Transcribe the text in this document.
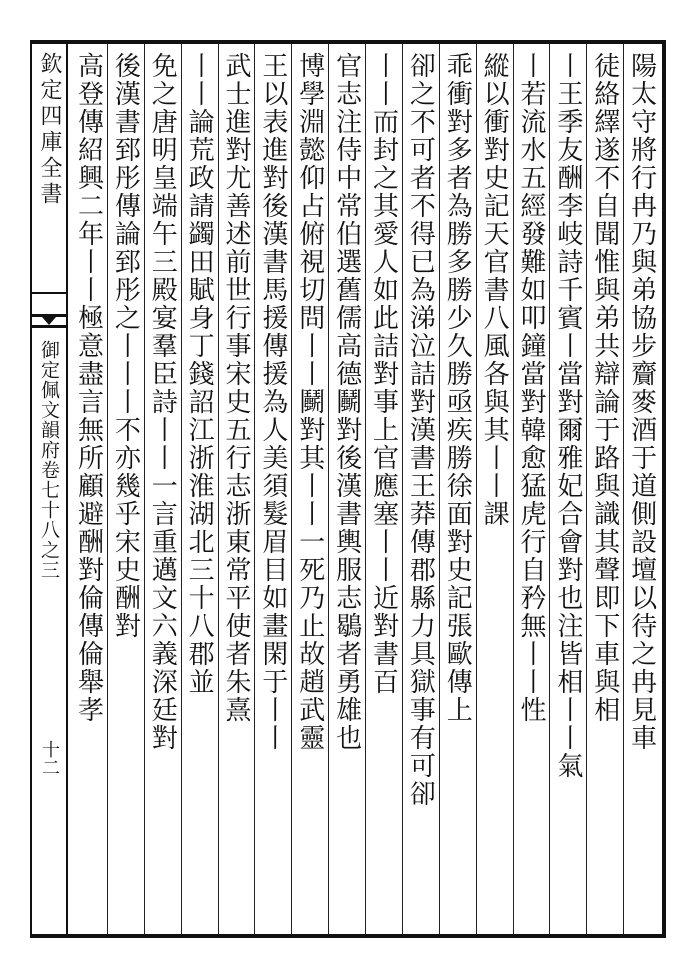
欽定四庫全書
御定佩文韻府卷七十八之三
十二
陽太守將行冉乃與弟協步齎麥酒于道側設壇以待之冉見車
徒絡繹遂不自聞惟與弟共辯論于路與識其聲即下車與相
丨王季友酬李岐詩千賓丨當對爾雅妃合會對也注皆相丨丨氣
丨若流水五經發難如叩鐘當對韓愈猛虎行自矜無丨丨性
縱以衝對史記天官書八風各與其丨丨課
乖衝對多者為勝多勝少久勝亟疾勝徐面對史記張歐傳上
卻之不可者不得已為涕泣詰對漢書王莽傳郡縣力具獄事有可卻
丨丨而封之其愛人如此詰對事上官應塞丨丨近對書百
官志注侍中常伯選舊儒高德鬭對後漢書輿服志鶡者勇雄也
博學淵懿仰占俯視切問丨丨鬭對其丨丨一死乃止故趙武靈
王以表進對後漢書馬援傳援為人美須髮眉目如畫閑于丨丨
武士進對尤善述前世行事宋史五行志浙東常平使者朱熹
丨丨論荒政請蠲田賦身丁錢詔江浙淮湖北三十八郡並
免之唐明皇端午三殿宴羣臣詩丨丨一言重邁文六義深廷對
後漢書郅彤傳論郅彤之丨丨丨不亦幾乎宋史酬對
高登傳紹興二年丨丨極意盡言無所顧避酬對倫傳倫舉孝
